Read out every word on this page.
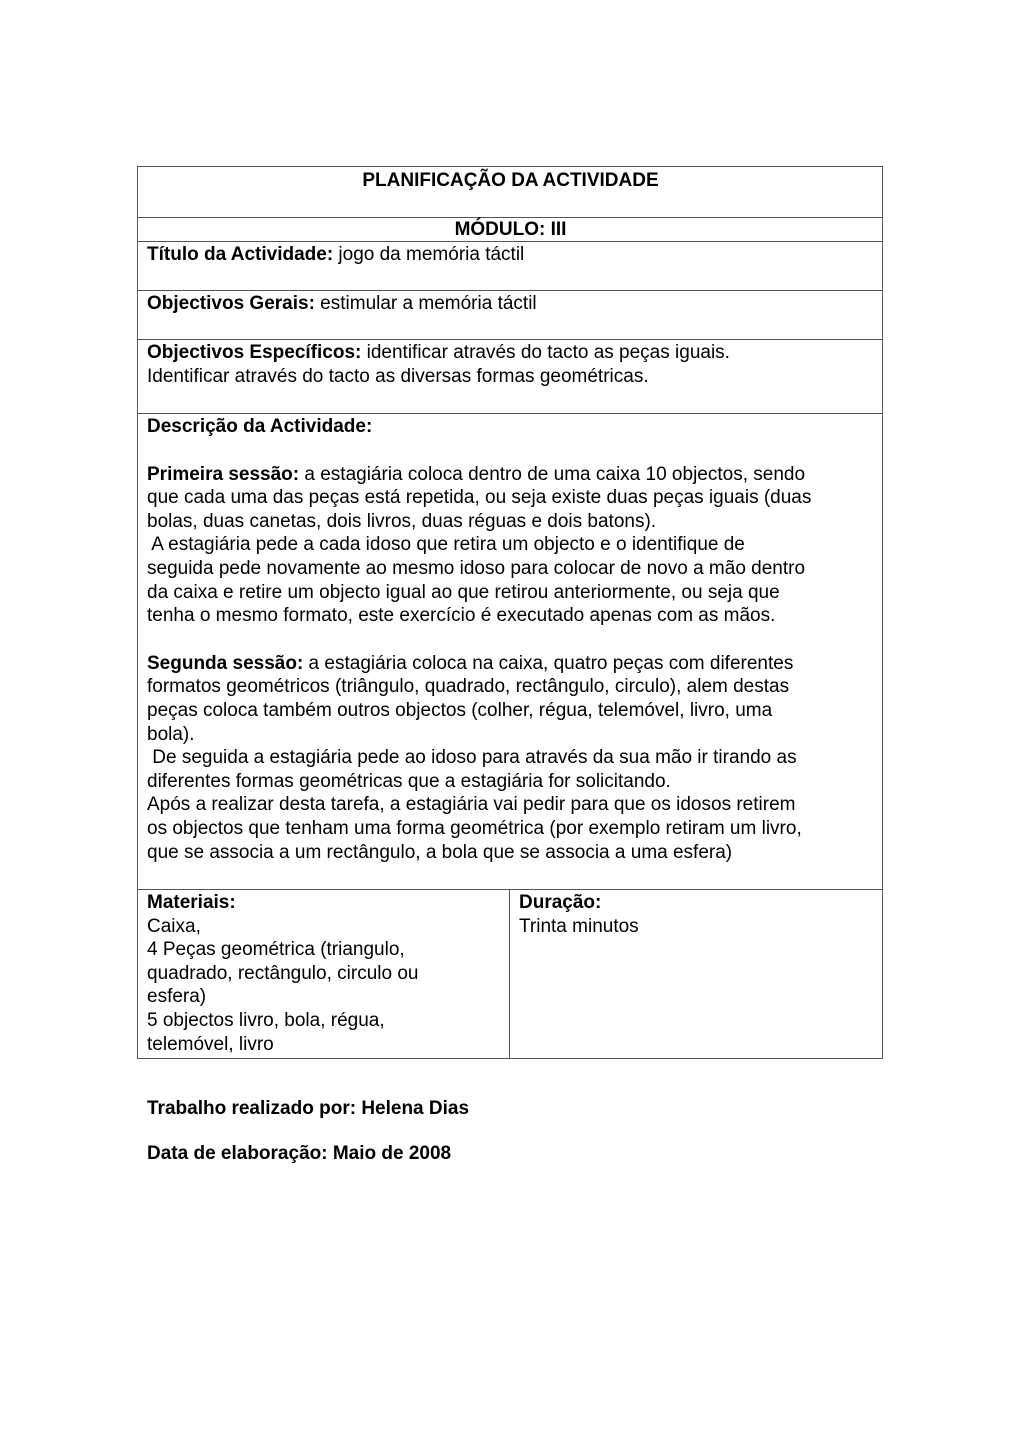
PLANIFICAÇÃO DA ACTIVIDADE
MÓDULO: III
Título da Actividade: jogo da memória táctil
Objectivos Gerais: estimular a memória táctil

Objectivos Específicos: identificar através do tacto as peças iguais.

Identificar através do tacto as diversas formas geométricas.

Descrição da Actividade:

Primeira sessão: a estagiária coloca dentro de uma caixa 10 objectos, sendo

que cada uma das peças está repetida, ou seja existe duas peças iguais (duas

bolas, duas canetas, dois livros, duas réguas e dois batons).

A estagiária pede a cada idoso que retira um objecto e o identifique de

seguida pede novamente ao mesmo idoso para colocar de novo a mão dentro

da caixa e retire um objecto igual ao que retirou anteriormente, ou seja que

tenha o mesmo formato, este exercício é executado apenas com as mãos.

Segunda sessão: a estagiária coloca na caixa, quatro peças com diferentes

formatos geométricos (triângulo, quadrado, rectângulo, circulo), alem destas

peças coloca também outros objectos (colher, régua, telemóvel, livro, uma

bola).

De seguida a estagiária pede ao idoso para através da sua mão ir tirando as

diferentes formas geométricas que a estagiária for solicitando.

Após a realizar desta tarefa, a estagiária vai pedir para que os idosos retirem

os objectos que tenham uma forma geométrica (por exemplo retiram um livro,

que se associa a um rectângulo, a bola que se associa a uma esfera)

Materiais:

Caixa,

4 Peças geométrica (triangulo,

quadrado, rectângulo, circulo ou

esfera)

5 objectos livro, bola, régua,

telemóvel, livro

Duração:

Trinta minutos

Trabalho realizado por: Helena Dias
Data de elaboração: Maio de 2008
